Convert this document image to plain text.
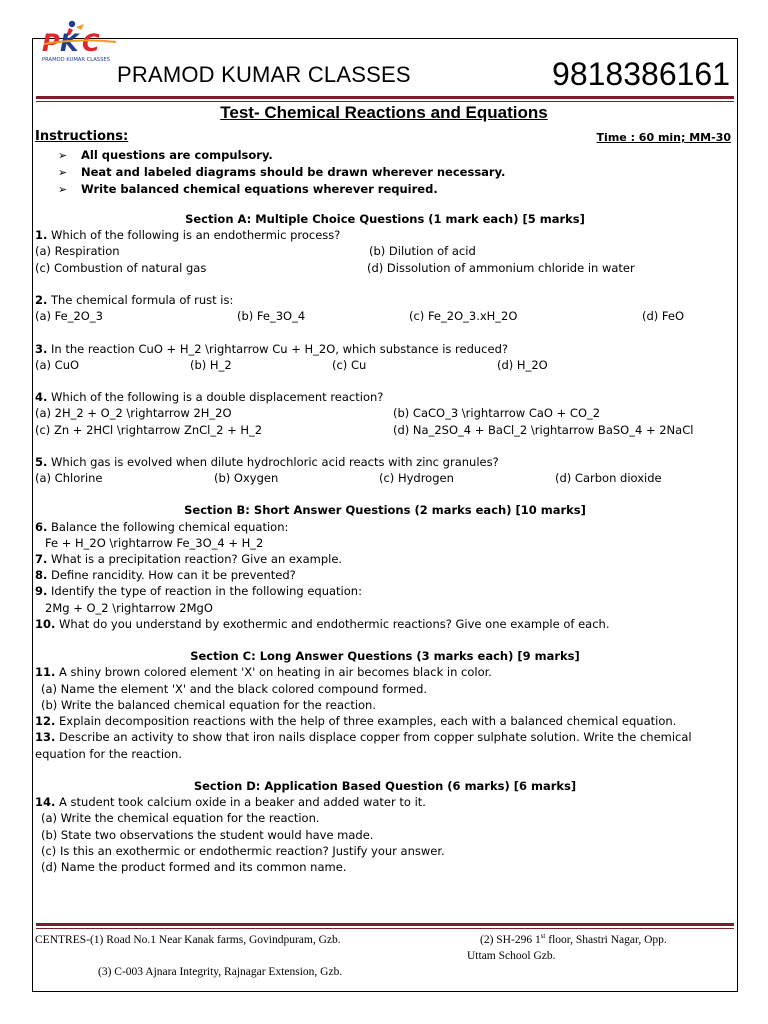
P K C
PRAMOD KUMAR CLASSES
PRAMOD KUMAR CLASSES	9818386161
Test- Chemical Reactions and Equations
Instructions:	Time : 60 min; MM-30
➢ All questions are compulsory.
➢ Neat and labeled diagrams should be drawn wherever necessary.
➢ Write balanced chemical equations wherever required.
Section A: Multiple Choice Questions (1 mark each) [5 marks]
1. Which of the following is an endothermic process?
(a) Respiration	(b) Dilution of acid
(c) Combustion of natural gas	(d) Dissolution of ammonium chloride in water
2. The chemical formula of rust is:
(a) Fe_2O_3	(b) Fe_3O_4	(c) Fe_2O_3.xH_2O	(d) FeO
3. In the reaction CuO + H_2 \rightarrow Cu + H_2O, which substance is reduced?
(a) CuO	(b) H_2	(c) Cu	(d) H_2O
4. Which of the following is a double displacement reaction?
(a) 2H_2 + O_2 \rightarrow 2H_2O	(b) CaCO_3 \rightarrow CaO + CO_2
(c) Zn + 2HCl \rightarrow ZnCl_2 + H_2	(d) Na_2SO_4 + BaCl_2 \rightarrow BaSO_4 + 2NaCl
5. Which gas is evolved when dilute hydrochloric acid reacts with zinc granules?
(a) Chlorine	(b) Oxygen	(c) Hydrogen	(d) Carbon dioxide
Section B: Short Answer Questions (2 marks each) [10 marks]
6. Balance the following chemical equation:
Fe + H_2O \rightarrow Fe_3O_4 + H_2
7. What is a precipitation reaction? Give an example.
8. Define rancidity. How can it be prevented?
9. Identify the type of reaction in the following equation:
2Mg + O_2 \rightarrow 2MgO
10. What do you understand by exothermic and endothermic reactions? Give one example of each.
Section C: Long Answer Questions (3 marks each) [9 marks]
11. A shiny brown colored element 'X' on heating in air becomes black in color.
(a) Name the element 'X' and the black colored compound formed.
(b) Write the balanced chemical equation for the reaction.
12. Explain decomposition reactions with the help of three examples, each with a balanced chemical equation.
13. Describe an activity to show that iron nails displace copper from copper sulphate solution. Write the chemical
equation for the reaction.
Section D: Application Based Question (6 marks) [6 marks]
14. A student took calcium oxide in a beaker and added water to it.
(a) Write the chemical equation for the reaction.
(b) State two observations the student would have made.
(c) Is this an exothermic or endothermic reaction? Justify your answer.
(d) Name the product formed and its common name.
CENTRES-(1) Road No.1 Near Kanak farms, Govindpuram, Gzb.	(2) SH-296 1st floor, Shastri Nagar, Opp.
Uttam School Gzb.
(3) C-003 Ajnara Integrity, Rajnagar Extension, Gzb.
